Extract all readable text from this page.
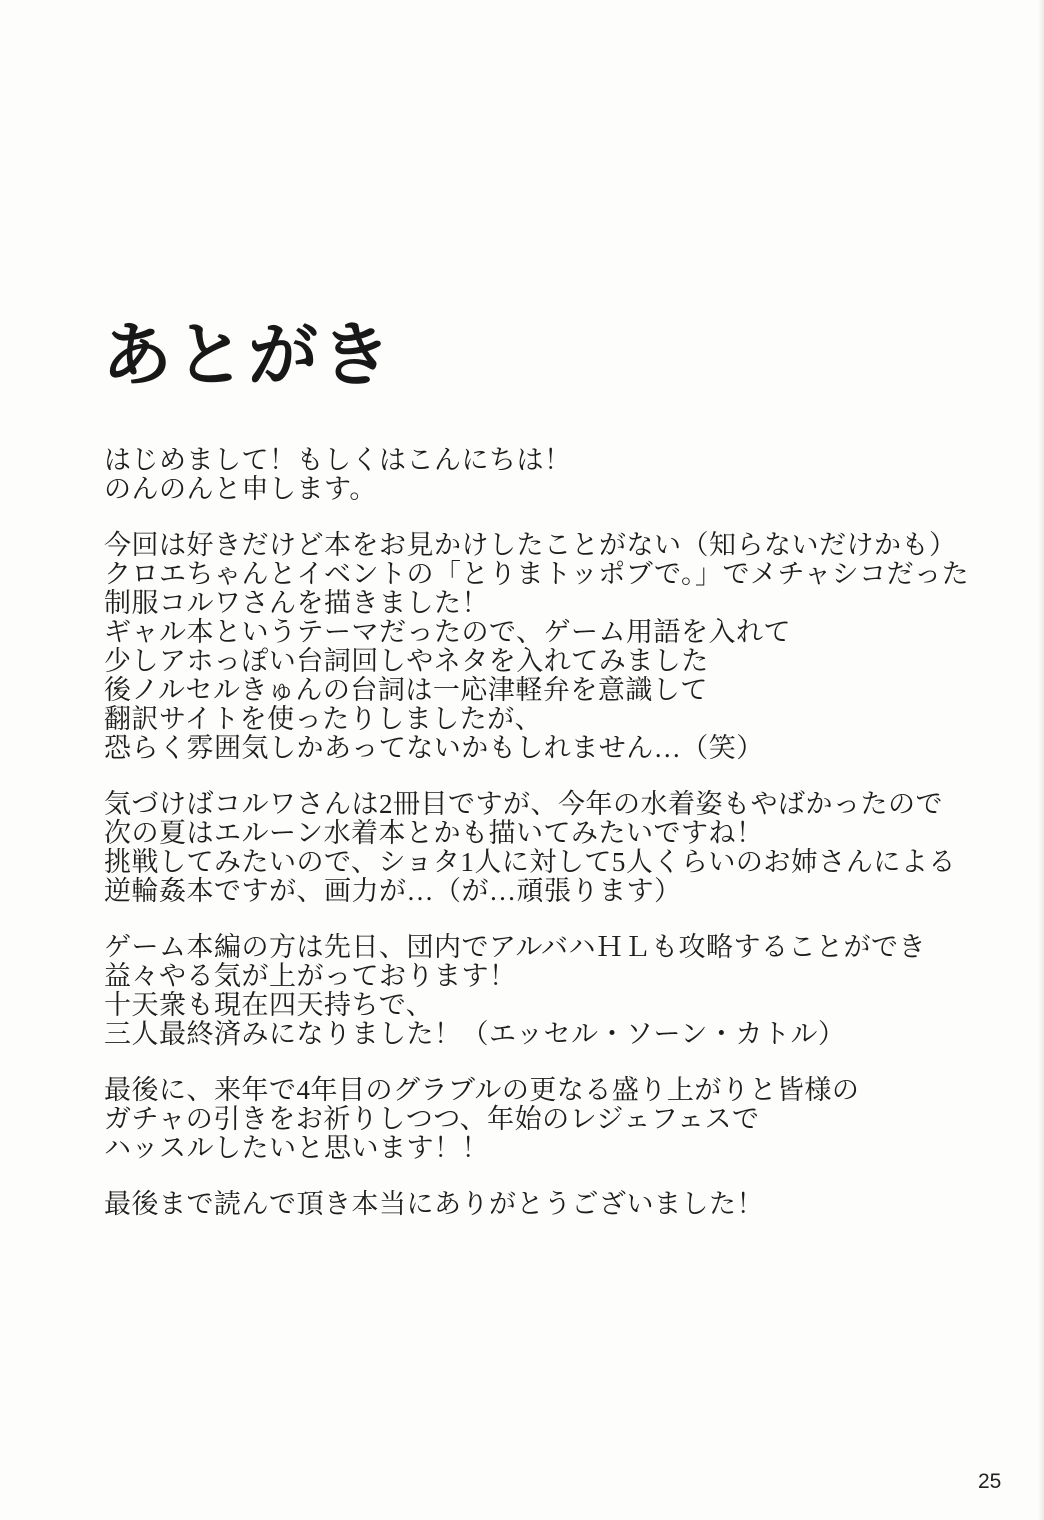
あとがき
はじめまして！もしくはこんにちは！
のんのんと申します。
今回は好きだけど本をお見かけしたことがない（知らないだけかも）
クロエちゃんとイベントの「とりまトッポブで。」でメチャシコだった
制服コルワさんを描きました！
ギャル本というテーマだったので、ゲーム用語を入れて
少しアホっぽい台詞回しやネタを入れてみました
後ノルセルきゅんの台詞は一応津軽弁を意識して
翻訳サイトを使ったりしましたが、
恐らく雰囲気しかあってないかもしれません…（笑）
気づけばコルワさんは2冊目ですが、今年の水着姿もやばかったので
次の夏はエルーン水着本とかも描いてみたいですね！
挑戦してみたいので、ショタ1人に対して5人くらいのお姉さんによる
逆輪姦本ですが、画力が…（が…頑張ります）
ゲーム本編の方は先日、団内でアルバハＨＬも攻略することができ
益々やる気が上がっております！
十天衆も現在四天持ちで、
三人最終済みになりました！（エッセル・ソーン・カトル）
最後に、来年で4年目のグラブルの更なる盛り上がりと皆様の
ガチャの引きをお祈りしつつ、年始のレジェフェスで
ハッスルしたいと思います！！
最後まで読んで頂き本当にありがとうございました！
25
